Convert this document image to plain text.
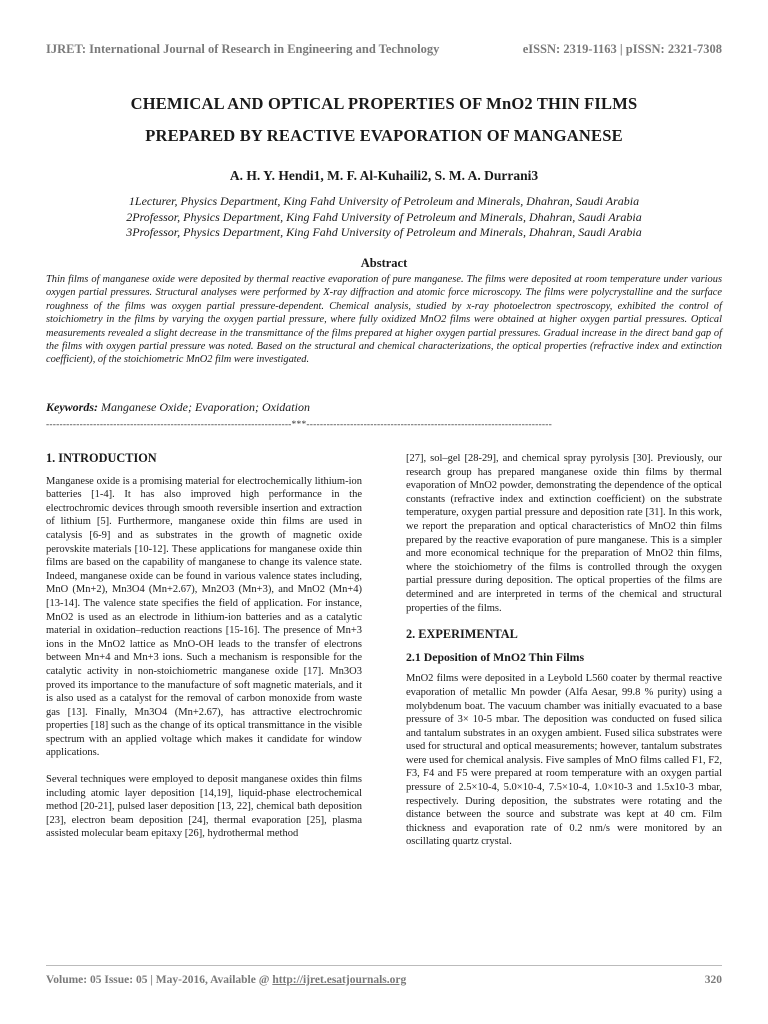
IJRET: International Journal of Research in Engineering and Technology	eISSN: 2319-1163 | pISSN: 2321-7308
CHEMICAL AND OPTICAL PROPERTIES OF MnO2 THIN FILMS
PREPARED BY REACTIVE EVAPORATION OF MANGANESE
A. H. Y. Hendi1, M. F. Al-Kuhaili2, S. M. A. Durrani3
1Lecturer, Physics Department, King Fahd University of Petroleum and Minerals, Dhahran, Saudi Arabia
2Professor, Physics Department, King Fahd University of Petroleum and Minerals, Dhahran, Saudi Arabia
3Professor, Physics Department, King Fahd University of Petroleum and Minerals, Dhahran, Saudi Arabia
Abstract
Thin films of manganese oxide were deposited by thermal reactive evaporation of pure manganese. The films were deposited at room temperature under various oxygen partial pressures. Structural analyses were performed by X-ray diffraction and atomic force microscopy. The films were polycrystalline and the surface roughness of the films was oxygen partial pressure-dependent. Chemical analysis, studied by x-ray photoelectron spectroscopy, exhibited the control of stoichiometry in the films by varying the oxygen partial pressure, where fully oxidized MnO2 films were obtained at higher oxygen partial pressures. Optical measurements revealed a slight decrease in the transmittance of the films prepared at higher oxygen partial pressures. Gradual increase in the direct band gap of the films with oxygen partial pressure was noted. Based on the structural and chemical characterizations, the optical properties (refractive index and extinction coefficient), of the stoichiometric MnO2 film were investigated.
Keywords: Manganese Oxide; Evaporation; Oxidation
-------------------------------------------------------------------------***-------------------------------------------------------------------------
1. INTRODUCTION

Manganese oxide is a promising material for electrochemically lithium-ion batteries [1-4]. It has also improved high performance in the electrochromic devices through smooth reversible insertion and extraction of lithium [5]. Furthermore, manganese oxide thin films are used in catalysis [6-9] and as substrates in the growth of magnetic oxide perovskite materials [10-12]. These applications for manganese oxide thin films are based on the capability of manganese to change its valence state. Indeed, manganese oxide can be found in various valence states including, MnO (Mn+2), Mn3O4 (Mn+2.67), Mn2O3 (Mn+3), and MnO2 (Mn+4) [13-14]. The valence state specifies the field of application. For instance, MnO2 is used as an electrode in lithium-ion batteries and as a catalytic material in oxidation–reduction reactions [15-16]. The presence of Mn+3 ions in the MnO2 lattice as MnO-OH leads to the transfer of electrons between Mn+4 and Mn+3 ions. Such a mechanism is responsible for the catalytic activity in non-stoichiometric manganese oxide [17]. Mn3O3 proved its importance to the manufacture of soft magnetic materials, and it is also used as a catalyst for the removal of carbon monoxide from waste gas [13]. Finally, Mn3O4 (Mn+2.67), has attractive electrochromic properties [18] such as the change of its optical transmittance in the visible spectrum with an applied voltage which makes it candidate for window applications.

Several techniques were employed to deposit manganese oxides thin films including atomic layer deposition [14,19], liquid-phase electrochemical method [20-21], pulsed laser deposition [13, 22], chemical bath deposition [23], electron beam deposition [24], thermal evaporation [25], plasma assisted molecular beam epitaxy [26], hydrothermal method

[27], sol–gel [28-29], and chemical spray pyrolysis [30]. Previously, our research group has prepared manganese oxide thin films by thermal evaporation of MnO2 powder, demonstrating the dependence of the optical constants (refractive index and extinction coefficient) on the substrate temperature, oxygen partial pressure and deposition rate [31]. In this work, we report the preparation and optical characteristics of MnO2 thin films prepared by the reactive evaporation of pure manganese. This is a simpler and more economical technique for the preparation of MnO2 thin films, where the stoichiometry of the films is controlled through the oxygen partial pressure during deposition. The optical properties of the films are determined and are interpreted in terms of the chemical and structural properties of the films.

2. EXPERIMENTAL
2.1 Deposition of MnO2 Thin Films

MnO2 films were deposited in a Leybold L560 coater by thermal reactive evaporation of metallic Mn powder (Alfa Aesar, 99.8 % purity) using a molybdenum boat. The vacuum chamber was initially evacuated to a base pressure of 3× 10-5 mbar. The deposition was conducted on fused silica and tantalum substrates in an oxygen ambient. Fused silica substrates were used for structural and optical measurements; however, tantalum substrates were used for chemical analysis. Five samples of MnO films called F1, F2, F3, F4 and F5 were prepared at room temperature with an oxygen partial pressure of 2.5×10-4, 5.0×10-4, 7.5×10-4, 1.0×10-3 and 1.5x10-3 mbar, respectively. During deposition, the substrates were rotating and the distance between the source and substrate was kept at 40 cm. Film thickness and evaporation rate of 0.2 nm/s were monitored by an oscillating quartz crystal.

Volume: 05 Issue: 05 | May-2016, Available @ http://ijret.esatjournals.org	320
